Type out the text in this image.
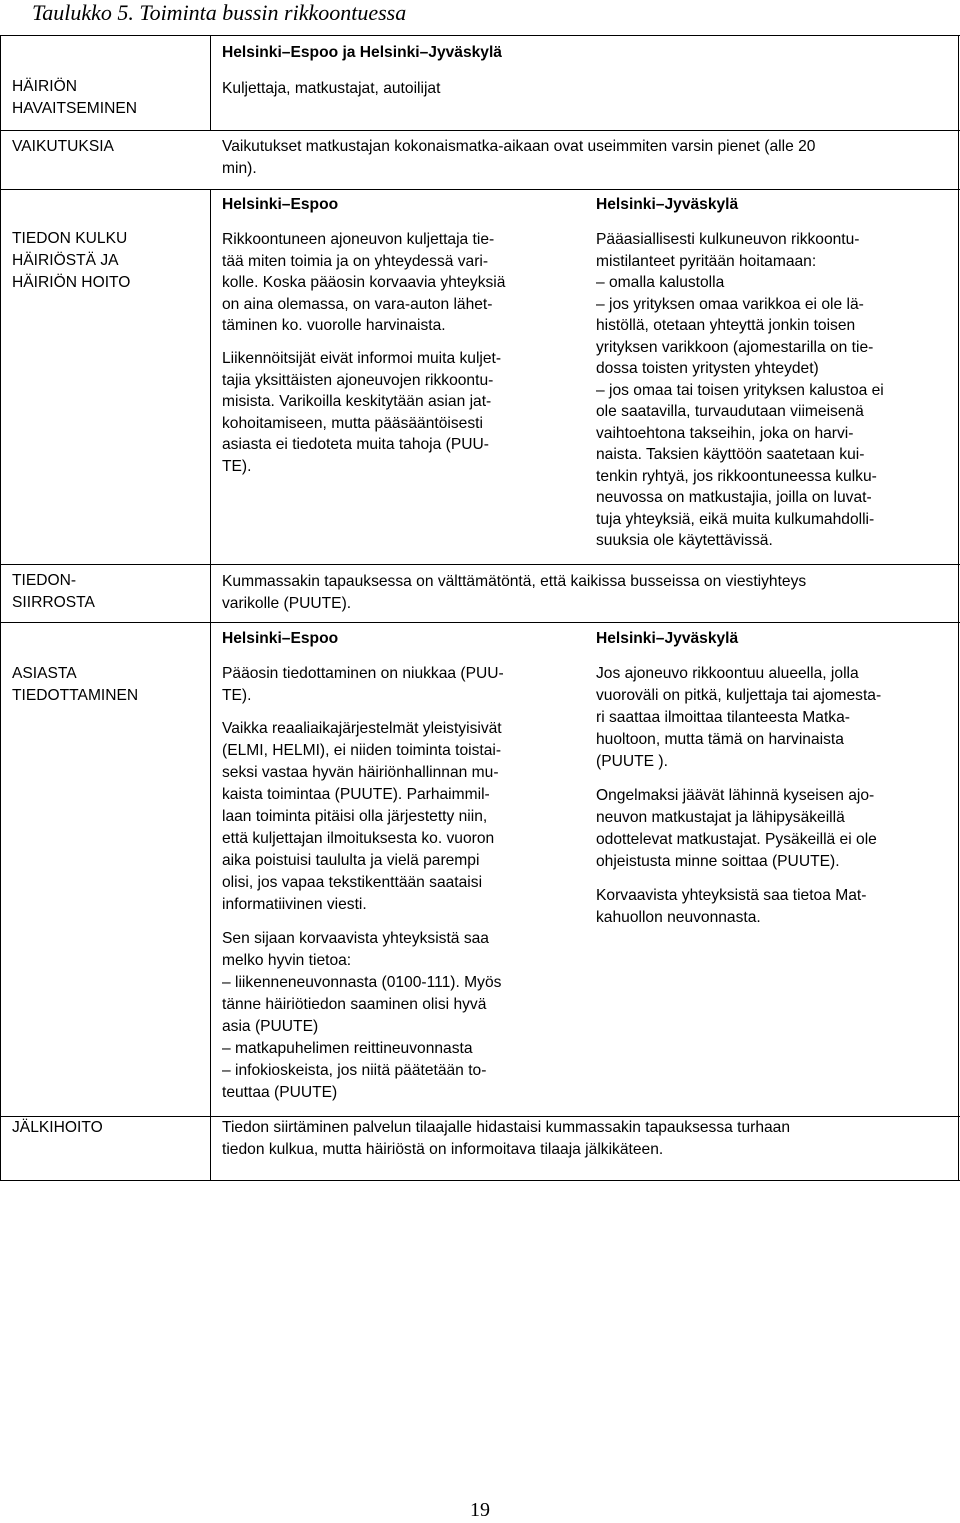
Taulukko 5. Toiminta bussin rikkoontuessa
HÄIRIÖN
HAVAITSEMINEN
VAIKUTUKSIA
TIEDON KULKU
HÄIRIÖSTÄ JA
HÄIRIÖN HOITO
TIEDON-
SIIRROSTA
ASIASTA
TIEDOTTAMINEN
JÄLKIHOITO
Helsinki–Espoo ja Helsinki–Jyväskylä
Kuljettaja, matkustajat, autoilijat
Vaikutukset matkustajan kokonaismatka-aikaan ovat useimmiten varsin pienet (alle 20
min).
Helsinki–Espoo	Helsinki–Jyväskylä
Rikkoontuneen ajoneuvon kuljettaja tie-
tää miten toimia ja on yhteydessä vari-
kolle. Koska pääosin korvaavia yhteyksiä
on aina olemassa, on vara-auton lähet-
täminen ko. vuorolle harvinaista.
Liikennöitsijät eivät informoi muita kuljet-
tajia yksittäisten ajoneuvojen rikkoontu-
misista. Varikoilla keskitytään asian jat-
kohoitamiseen, mutta pääsääntöisesti
asiasta ei tiedoteta muita tahoja (PUU-
TE).
Pääasiallisesti kulkuneuvon rikkoontu-
mistilanteet pyritään hoitamaan:
– omalla kalustolla
– jos yrityksen omaa varikkoa ei ole lä-
histöllä, otetaan yhteyttä jonkin toisen
yrityksen varikkoon (ajomestarilla on tie-
dossa toisten yritysten yhteydet)
– jos omaa tai toisen yrityksen kalustoa ei
ole saatavilla, turvaudutaan viimeisenä
vaihtoehtona takseihin, joka on harvi-
naista. Taksien käyttöön saatetaan kui-
tenkin ryhtyä, jos rikkoontuneessa kulku-
neuvossa on matkustajia, joilla on luvat-
tuja yhteyksiä, eikä muita kulkumahdolli-
suuksia ole käytettävissä.
Kummassakin tapauksessa on välttämätöntä, että kaikissa busseissa on viestiyhteys
varikolle (PUUTE).
Helsinki–Espoo	Helsinki–Jyväskylä
Pääosin tiedottaminen on niukkaa (PUU-
TE).
Vaikka reaaliaikajärjestelmät yleistyisivät
(ELMI, HELMI), ei niiden toiminta toistai-
seksi vastaa hyvän häiriönhallinnan mu-
kaista toimintaa (PUUTE). Parhaimmil-
laan toiminta pitäisi olla järjestetty niin,
että kuljettajan ilmoituksesta ko. vuoron
aika poistuisi taululta ja vielä parempi
olisi, jos vapaa tekstikenttään saataisi
informatiivinen viesti.
Sen sijaan korvaavista yhteyksistä saa
melko hyvin tietoa:
– liikenneneuvonnasta (0100-111). Myös
tänne häiriötiedon saaminen olisi hyvä
asia (PUUTE)
– matkapuhelimen reittineuvonnasta
– infokioskeista, jos niitä päätetään to-
teuttaa (PUUTE)
Jos ajoneuvo rikkoontuu alueella, jolla
vuoroväli on pitkä, kuljettaja tai ajomesta-
ri saattaa ilmoittaa tilanteesta Matka-
huoltoon, mutta tämä on harvinaista
(PUUTE ).
Ongelmaksi jäävät lähinnä kyseisen ajo-
neuvon matkustajat ja lähipysäkeillä
odottelevat matkustajat. Pysäkeillä ei ole
ohjeistusta minne soittaa (PUUTE).
Korvaavista yhteyksistä saa tietoa Mat-
kahuollon neuvonnasta.
Tiedon siirtäminen palvelun tilaajalle hidastaisi kummassakin tapauksessa turhaan
tiedon kulkua, mutta häiriöstä on informoitava tilaaja jälkikäteen.
19
